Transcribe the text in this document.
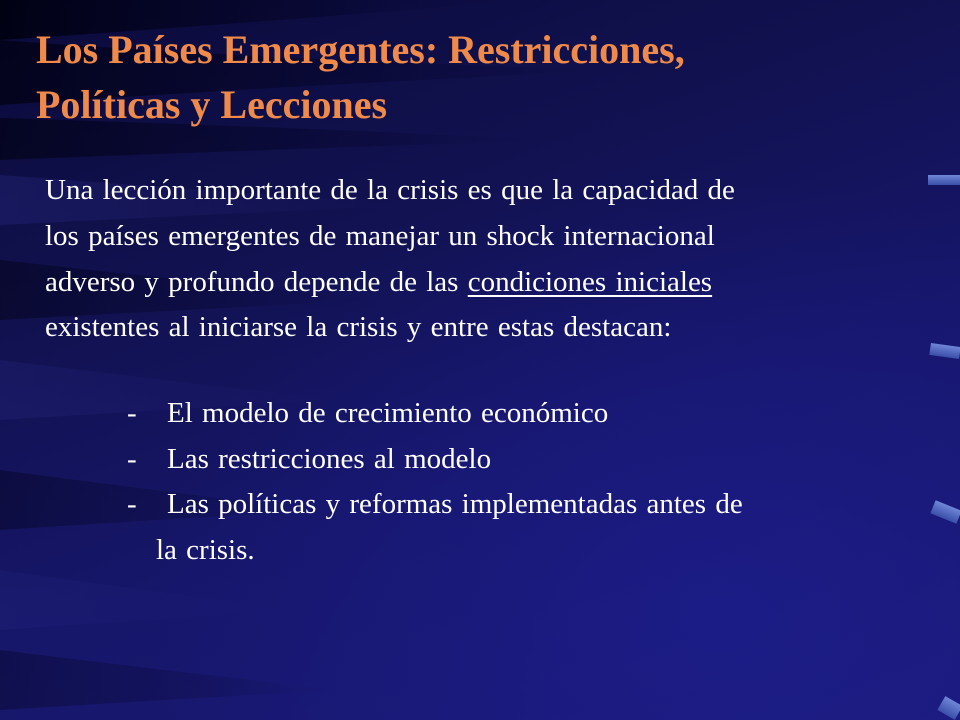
Los Países Emergentes: Restricciones,
Políticas y Lecciones

Una lección importante de la crisis es que la capacidad de

los países emergentes de manejar un shock internacional

adverso y profundo depende de las condiciones iniciales

existentes al iniciarse la crisis y entre estas destacan:

- El modelo de crecimiento económico

- Las restricciones al modelo

- Las políticas y reformas implementadas antes de

la crisis.
